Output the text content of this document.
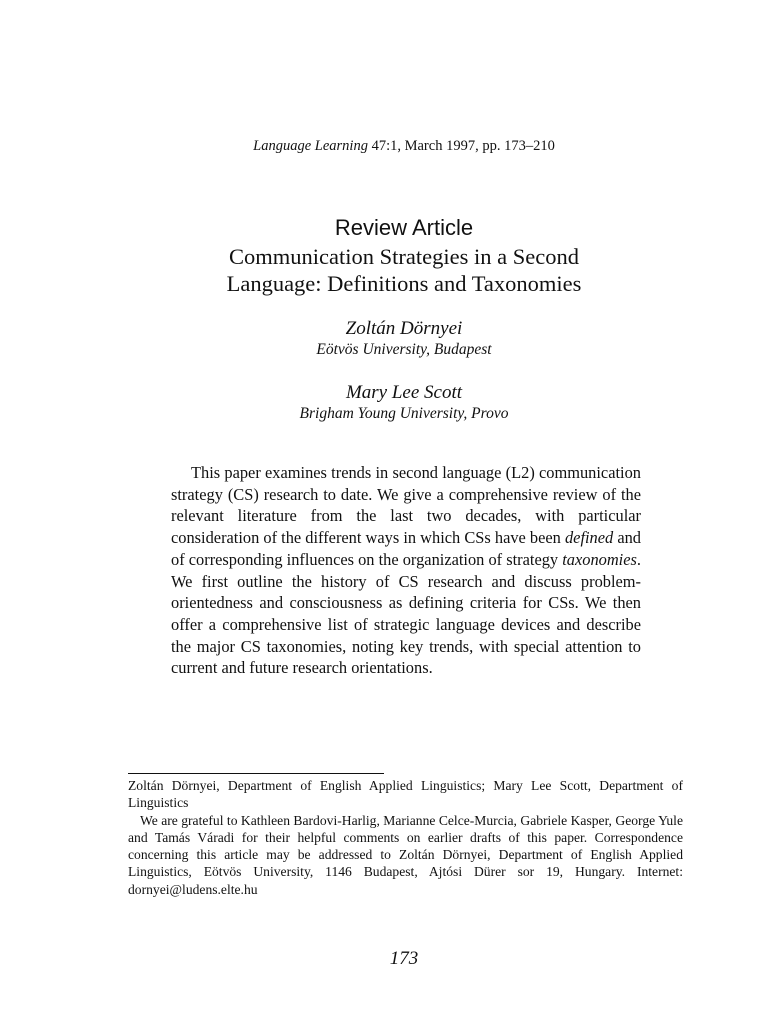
Language Learning 47:1, March 1997, pp. 173–210
Review Article
Communication Strategies in a Second
Language: Definitions and Taxonomies
Zoltán Dörnyei
Eötvös University, Budapest
Mary Lee Scott
Brigham Young University, Provo

This paper examines trends in second language (L2) communication strategy (CS) research to date. We give a comprehensive review of the relevant literature from the last two decades, with particular consideration of the different ways in which CSs have been defined and of corresponding influences on the organization of strategy taxonomies. We first outline the history of CS research and discuss problem-orientedness and consciousness as defining criteria for CSs. We then offer a comprehensive list of strategic language devices and describe the major CS taxonomies, noting key trends, with special attention to current and future research orientations.

Zoltán Dörnyei, Department of English Applied Linguistics; Mary Lee Scott, Department of Linguistics

We are grateful to Kathleen Bardovi-Harlig, Marianne Celce-Murcia, Gabriele Kasper, George Yule and Tamás Váradi for their helpful comments on earlier drafts of this paper. Correspondence concerning this article may be addressed to Zoltán Dörnyei, Department of English Applied Linguistics, Eötvös University, 1146 Budapest, Ajtósi Dürer sor 19, Hungary. Internet: dornyei@ludens.elte.hu

173
